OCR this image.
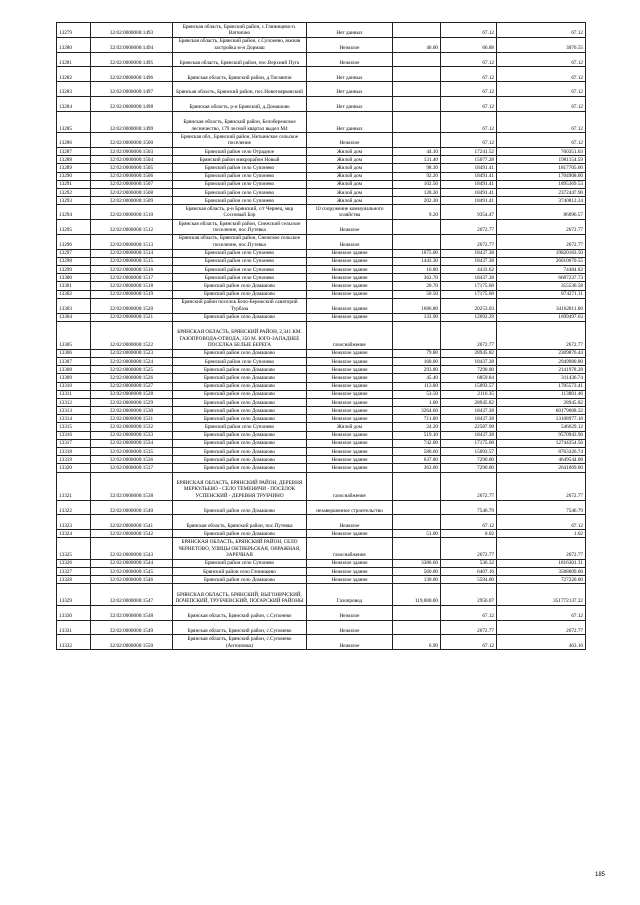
13279	32:02:0000000:1493	Брянская область, Брянский район, с.Глинищево-п. Ватчично	Нет данных		67.12	67.12
13280	32:02:0000000:1494	Брянская область, Брянский район, с.Супонево, южная застройка м-н Дормаш	Нежилое	46.00	66.88	3076.55
13281	32:02:0000000:1495	Брянская область, Брянский район, пос.Верхний Пуга	Нежилое		67.12	67.12
13282	32:02:0000000:1496	Брянская область, Брянский район, д.Тиганичи	Нет данных		67.12	67.12
13283	32:02:0000000:1497	Брянская область, Брянский район, пос.Новотоярковский	Нет данных		67.12	67.12
13284	32:02:0000000:1498	Брянская область, р-н Брянский, д.Домашово	Нет данных		67.12	67.12
13285	32:02:0000000:1499	Брянская область, Брянский район, Белобережское лесничество, 179 лесной квартал выдел М4	Нет данных		67.12	67.12
13286	32:02:0000000:1500	Брянская обл., Брянский район, Нетьинское сельское поселение	Нежилое		67.12	67.12
13287	32:02:0000000:1503	Брянский район село Отрадное	Жилой дом	44.10	17241.52	760351.03
13288	32:02:0000000:1504	Брянский район микрорайон Новый	Жилой дом	131.40	15077.28	1981154.59
13289	32:02:0000000:1505	Брянский район село Супонево	Жилой дом	98.30	18491.41	1817705.60
13290	32:02:0000000:1506	Брянский район село Супонево	Жилой дом	92.20	18491.41	1704908.00
13291	32:02:0000000:1507	Брянский район село Супонево	Жилой дом	102.50	18491.41	1895369.53
13292	32:02:0000000:1508	Брянский район село Супонево	Жилой дом	128.30	18491.41	2372447.90
13293	32:02:0000000:1509	Брянский район село Супонево	Жилой дом	202.30	18491.41	3740812.24
13294	32:02:0000000:1510	Брянская область, р-н Брянский, с/т Чернец, мкр Сосновый Бор	10 сооружение коммунального хозяйства	9.20	9354.47	86096.57
13295	32:02:0000000:1512	Брянская область, Брянский район, Снежский сельское поселение, пос.Путевка	Нежилое		2672.77	2672.77
13296	32:02:0000000:1513	Брянская область, Брянский район, Снежское сельское поселение, пос.Путевка	Нежилое		2672.77	2672.77
13297	32:02:0000000:1514	Брянский район село Супонево	Нежилое здание	1075.00	18437.38	19820183.50
13298	32:02:0000000:1515	Брянский район село Супонево	Нежилое здание	1443.30	18437.38	26610670.55
13299	32:02:0000000:1516	Брянский район село Супонево	Нежилое здание	16.80	4433.62	74484.82
13300	32:02:0000000:1517	Брянский район село Супонево	Нежилое здание	362.70	18437.38	6687237.73
13301	32:02:0000000:1518	Брянский район село Домашово	Нежилое здание	20.70	17175.68	355536.58
13302	32:02:0000000:1519	Брянский район село Домашово	Нежилое здание	50.50	17175.68	874271.11
13303	32:02:0000000:1520	Брянский район поселок Бело-Бережский санаторий Турбаза	Нежилое здание	1686.80	20253.03	34162811.00
13304	32:02:0000000:1521	Брянский район село Домашово	Нежилое здание	133.90	12692.29	1699497.63
13305	32:02:0000000:1522	БРЯНСКАЯ ОБЛАСТЬ, БРЯНСКИЙ РАЙОН, 2,341 КМ. ГАЗОПРОВОДА-ОТВОДА, 350 М. ЮГО-ЗАПАДНЕЕ ПОСЕЛКА БЕЛЫЕ БЕРЕГА	газоснабжение		2672.77	2672.77
13306	32:02:0000000:1523	Брянский район село Домашово	Нежилое здание	79.80	28945.82	2309876.44
13307	32:02:0000000:1524	Брянский район село Супонево	Нежилое здание	160.00	18437.38	2949980.80
13308	32:02:0000000:1525	Брянский район село Домашово	Нежилое здание	293.80	7290.00	2141978.28
13309	32:02:0000000:1526	Брянский район село Домашово	Нежилое здание	45.40	6859.84	311436.74
13310	32:02:0000000:1527	Брянский район село Домашово	Нежилое здание	113.00	15093.57	1705573.41
13311	32:02:0000000:1528	Брянский район село Домашово	Нежилое здание	53.50	2116.35	113801.46
13312	32:02:0000000:1529	Брянский район село Домашово	Нежилое здание	1.00	28945.82	28945.82
13313	32:02:0000000:1530	Брянский район село Домашово	Нежилое здание	3264.60	18437.38	60179608.32
13314	32:02:0000000:1531	Брянский район село Домашово	Нежилое здание	711.00	18437.38	13108977.18
13315	32:02:0000000:1532	Брянский район село Супонево	Жилой дом	24.20	22587.98	546629.12
13316	32:02:0000000:1533	Брянский район село Домашово	Нежилое здание	519.10	18437.38	9570943.96
13317	32:02:0000000:1534	Брянский район село Домашово	Нежилое здание	742.00	17175.68	12744354.56
13318	32:02:0000000:1535	Брянский район село Домашово	Нежилое здание	580.60	15093.57	8763326.74
13319	32:02:0000000:1536	Брянский район село Домашово	Нежилое здание	637.80	7290.00	4649544.08
13320	32:02:0000000:1537	Брянский район село Домашово	Нежилое здание	363.00	7290.00	2641069.00
13321	32:02:0000000:1538	БРЯНСКАЯ ОБЛАСТЬ, БРЯНСКИЙ РАЙОН, ДЕРЕВНЯ МЕРКУЛЬЕВО - СЕЛО ТЕМЕНИЧИ - ПОСЕЛОК УСПЕНСКИЙ - ДЕРЕВНЯ ТРУБЧИНО	газоснабжение		2672.77	2672.77
13322	32:02:0000000:1540	Брянский район село Домашово	незавершенное строительство		7546.79	7546.79
13323	32:02:0000000:1541	Брянская область, Брянский район, пос.Путевка	Нежилое		67.12	67.12
13324	32:02:0000000:1542	Брянский район село Домашово	Нежилое здание	51.00	0.02	1.02
13325	32:02:0000000:1543	БРЯНСКАЯ ОБЛАСТЬ, БРЯНСКИЙ РАЙОН, СЕЛО ЧЕРНЕТОВО, УЛИЦЫ ОКТЯБРЬСКАЯ, ОВРАЖНАЯ, ЗАРЕЧНАЯ	газоснабжение		2672.77	2672.77
13326	32:02:0000000:1544	Брянский район село Супонево	Нежилое здание	3386.60	536.32	1816301.31
13327	32:02:0000000:1545	Брянский район село Глинищево	Нежилое здание	560.00	6407.16	3588009.60
13328	32:02:0000000:1546	Брянский район село Домашово	Нежилое здание	130.00	5594.00	727220.00
13329	32:02:0000000:1547	БРЯНСКАЯ ОБЛАСТЬ, БРЯНСКИЙ, ВЫГОНИЧСКИЙ, ПОЧЕПСКИЙ, ТРУБЧЕВСКИЙ, ПОГАРСКИЙ РАЙОНЫ	Газопровод	119,000.00	2956.07	351772137.22
13330	32:02:0000000:1548	Брянская область, Брянский район, с.Супонево	Нежилое		67.12	67.12
13331	32:02:0000000:1549	Брянская область, Брянский район, с.Супонево	Нежилое		2672.77	2672.77
13332	32:02:0000000:1550	Брянская область, Брянский район, с.Супонево (Антоновка)	Нежилое	6.90	67.12	463.16
185
